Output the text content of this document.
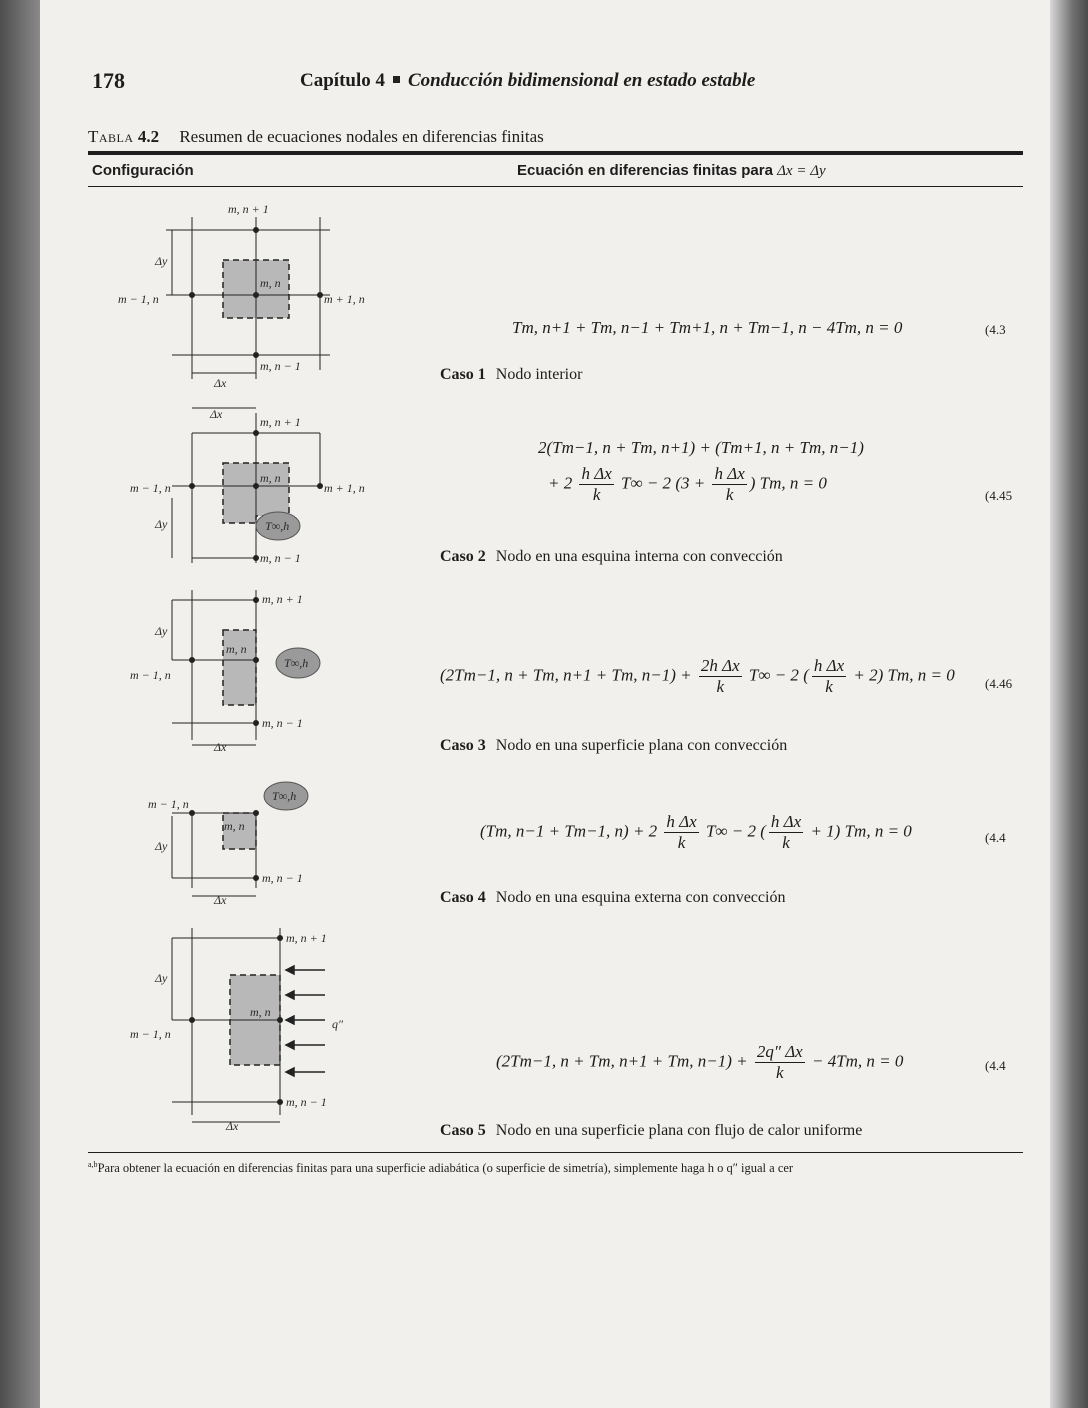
178	Capítulo 4 Conducción bidimensional en estado estable
Tabla 4.2 Resumen de ecuaciones nodales en diferencias finitas
Configuración	Ecuación en diferencias finitas para Δx = Δy
m, n + 1
m, n
m − 1, n	m + 1, n
m, n − 1
Δy
Δx
Tm, n+1 + Tm, n−1 + Tm+1, n + Tm−1, n − 4Tm, n = 0	(4.3
Caso 1 Nodo interior
Δx
m, n + 1
m, n
m − 1, n	m + 1, n
Δy	T∞,h
m, n − 1
2(Tm−1, n + Tm, n+1) + (Tm+1, n + Tm, n−1)
+ $2 \frac{\text{h Δx}}{k} T\infty - 2$ ($3 + \frac{\text{h Δx}}{k}$ ) Tm, n = 0
(4.45
Caso 2 Nodo en una esquina interna con convección
m, n + 1
m, n
m − 1, n
Δy
T∞,h
m, n − 1
Δx
(2Tm−1, n + Tm, n+1 + Tm, $n-1) + \frac{\text{2h Δx}}{k} T\infty - 2$ ( $\frac{\text{h Δx}}{k} + 2$) Tm, n = 0 (4.46
Caso 3 Nodo en una superficie plana con convección
m − 1, n
m, n
T∞,h
Δy
m, n − 1
Δx
(Tm, n−1 + Tm−1, $n) + 2 \frac{\text{h Δx}}{k} T\infty - 2$ ( $\frac{\text{h Δx}}{k} + 1$) Tm, n = 0	(4.4
Caso 4 Nodo en una esquina externa con convección
m, n + 1
m, n
m − 1, n
Δy
q″
m, n − 1
Δx
(2Tm−1, n + Tm, n+1 + Tm, $n-1) + \frac{2q'' \Delta x}{k} - 4Tm$, n = 0	(4.4
Caso 5 Nodo en una superficie plana con flujo de calor uniforme
$^{a,b}$Para obtener la ecuación en diferencias finitas para una superficie adiabática (o superficie de simetría), simplemente haga h o q″ igual a cer
